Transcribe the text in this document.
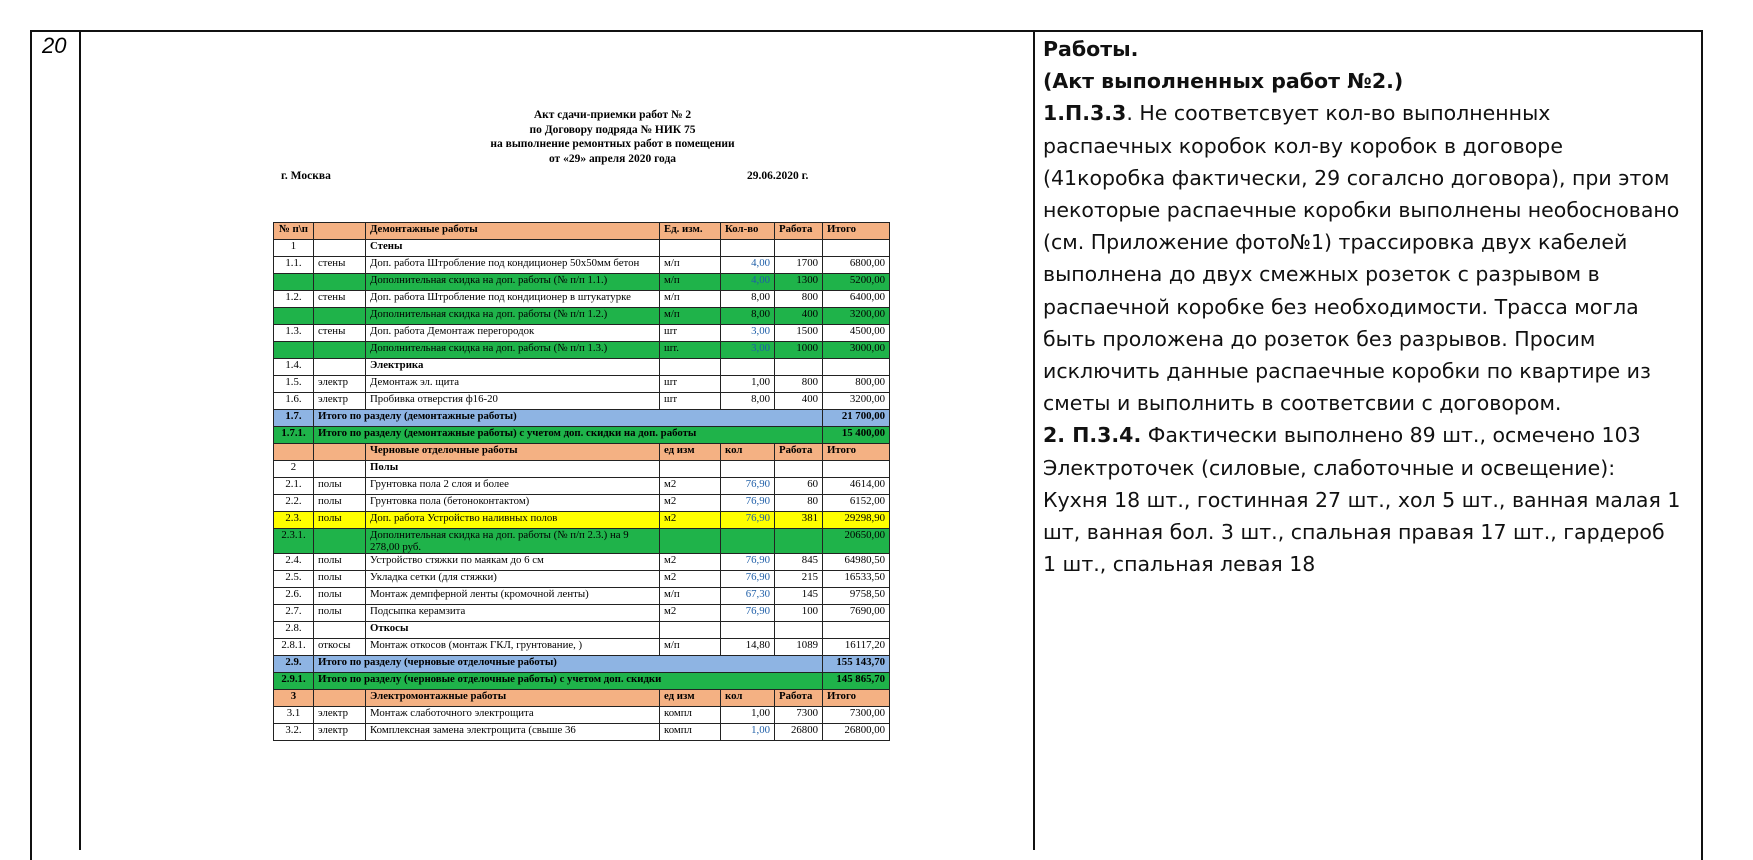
20
Акт сдачи-приемки работ № 2
по Договору подряда № НИК 75
на выполнение ремонтных работ в помещении
от «29» апреля 2020 года
г. Москва	29.06.2020 г.
№ п\п		Демонтажные работы	Ед. изм.	Кол-во	Работа	Итого
1		Стены				
1.1.	стены	Доп. работа Штробление под кондиционер 50х50мм бетон	м/п	4,00	1700	6800,00
		Дополнительная скидка на доп. работы (№ п/п 1.1.)	м/п	4,00	1300	5200,00
1.2.	стены	Доп. работа Штробление под кондиционер в штукатурке	м/п	8,00	800	6400,00
		Дополнительная скидка на доп. работы (№ п/п 1.2.)	м/п	8,00	400	3200,00
1.3.	стены	Доп. работа Демонтаж перегородок	шт	3,00	1500	4500,00
		Дополнительная скидка на доп. работы (№ п/п 1.3.)	шт.	3,00	1000	3000,00
1.4.		Электрика				
1.5.	электр	Демонтаж эл. щита	шт	1,00	800	800,00
1.6.	электр	Пробивка отверстия ф16-20	шт	8,00	400	3200,00
1.7.	Итого по разделу (демонтажные работы)					21 700,00
1.7.1.	Итого по разделу (демонтажные работы) с учетом доп. скидки на доп. работы					15 400,00
		Черновые отделочные работы	ед изм	кол	Работа	Итого
2		Полы				
2.1.	полы	Грунтовка пола 2 слоя и более	м2	76,90	60	4614,00
2.2.	полы	Грунтовка пола (бетоноконтактом)	м2	76,90	80	6152,00
2.3.	полы	Доп. работа Устройство наливных полов	м2	76,90	381	29298,90
2.3.1.		Дополнительная скидка на доп. работы (№ п/п 2.3.) на 9 278,00 руб.				20650,00
2.4.	полы	Устройство стяжки по маякам до 6 см	м2	76,90	845	64980,50
2.5.	полы	Укладка сетки (для стяжки)	м2	76,90	215	16533,50
2.6.	полы	Монтаж демпферной ленты (кромочной ленты)	м/п	67,30	145	9758,50
2.7.	полы	Подсыпка керамзита	м2	76,90	100	7690,00
2.8.		Откосы				
2.8.1.	откосы	Монтаж откосов (монтаж ГКЛ, грунтование, )	м/п	14,80	1089	16117,20
2.9.	Итого по разделу (черновые отделочные работы)					155 143,70
2.9.1.	Итого по разделу (черновые отделочные работы) с учетом доп. скидки					145 865,70
3		Электромонтажные работы	ед изм	кол	Работа	Итого
3.1	электр	Монтаж слаботочного электрощита	компл	1,00	7300	7300,00
3.2.	электр	Комплексная замена электрощита (свыше 36	компл	1,00	26800	26800,00

Работы.

(Акт выполненных работ №2.)

1.П.3.3. Не соответсвует кол-во выполненных распаечных коробок кол-ву коробок в договоре (41коробка фактически, 29 согалсно договора), при этом некоторые распаечные коробки выполнены необосновано (см. Приложение фото№1) трассировка двух кабелей выполнена до двух смежных розеток с разрывом в распаечной коробке без необходимости. Трасса могла быть проложена до розеток без разрывов. Просим исключить данные распаечные коробки по квартире из сметы и выполнить в соответсвии с договором.

2. П.3.4. Фактически выполнено 89 шт., осмечено 103 Электроточек (силовые, слаботочные и освещение): Кухня 18 шт., гостинная 27 шт., хол 5 шт., ванная малая 1 шт, ванная бол. 3 шт., спальная правая 17 шт., гардероб 1 шт., спальная левая 18
